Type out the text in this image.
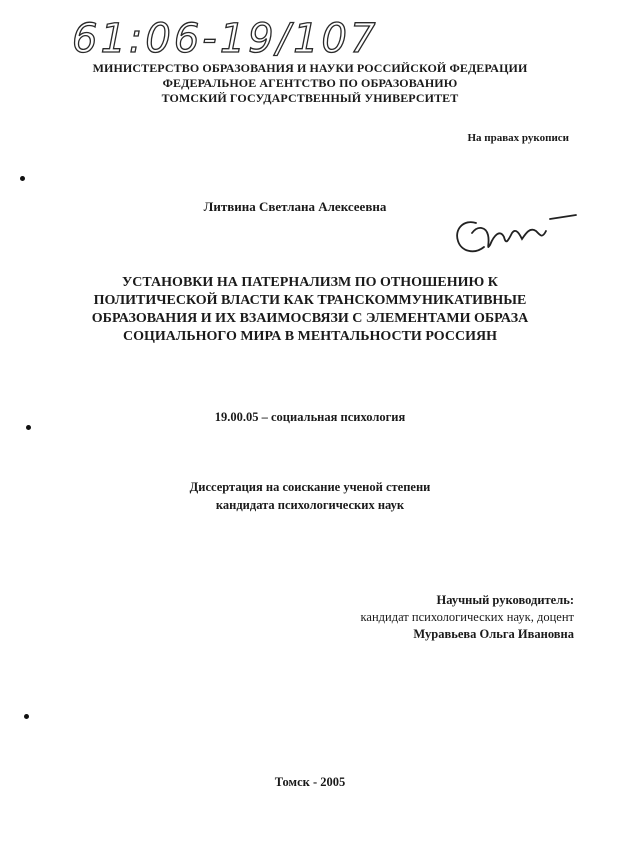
61:06-19/107
МИНИСТЕРСТВО ОБРАЗОВАНИЯ И НАУКИ РОССИЙСКОЙ ФЕДЕРАЦИИ
ФЕДЕРАЛЬНОЕ АГЕНТСТВО ПО ОБРАЗОВАНИЮ
ТОМСКИЙ ГОСУДАРСТВЕННЫЙ УНИВЕРСИТЕТ
На правах рукописи
Литвина Светлана Алексеевна
УСТАНОВКИ НА ПАТЕРНАЛИЗМ ПО ОТНОШЕНИЮ К
ПОЛИТИЧЕСКОЙ ВЛАСТИ КАК ТРАНСКОММУНИКАТИВНЫЕ
ОБРАЗОВАНИЯ И ИХ ВЗАИМОСВЯЗИ С ЭЛЕМЕНТАМИ ОБРАЗА
СОЦИАЛЬНОГО МИРА В МЕНТАЛЬНОСТИ РОССИЯН
19.00.05 – социальная психология
Диссертация на соискание ученой степени
кандидата психологических наук
Научный руководитель:
кандидат психологических наук, доцент
Муравьева Ольга Ивановна
Томск - 2005
